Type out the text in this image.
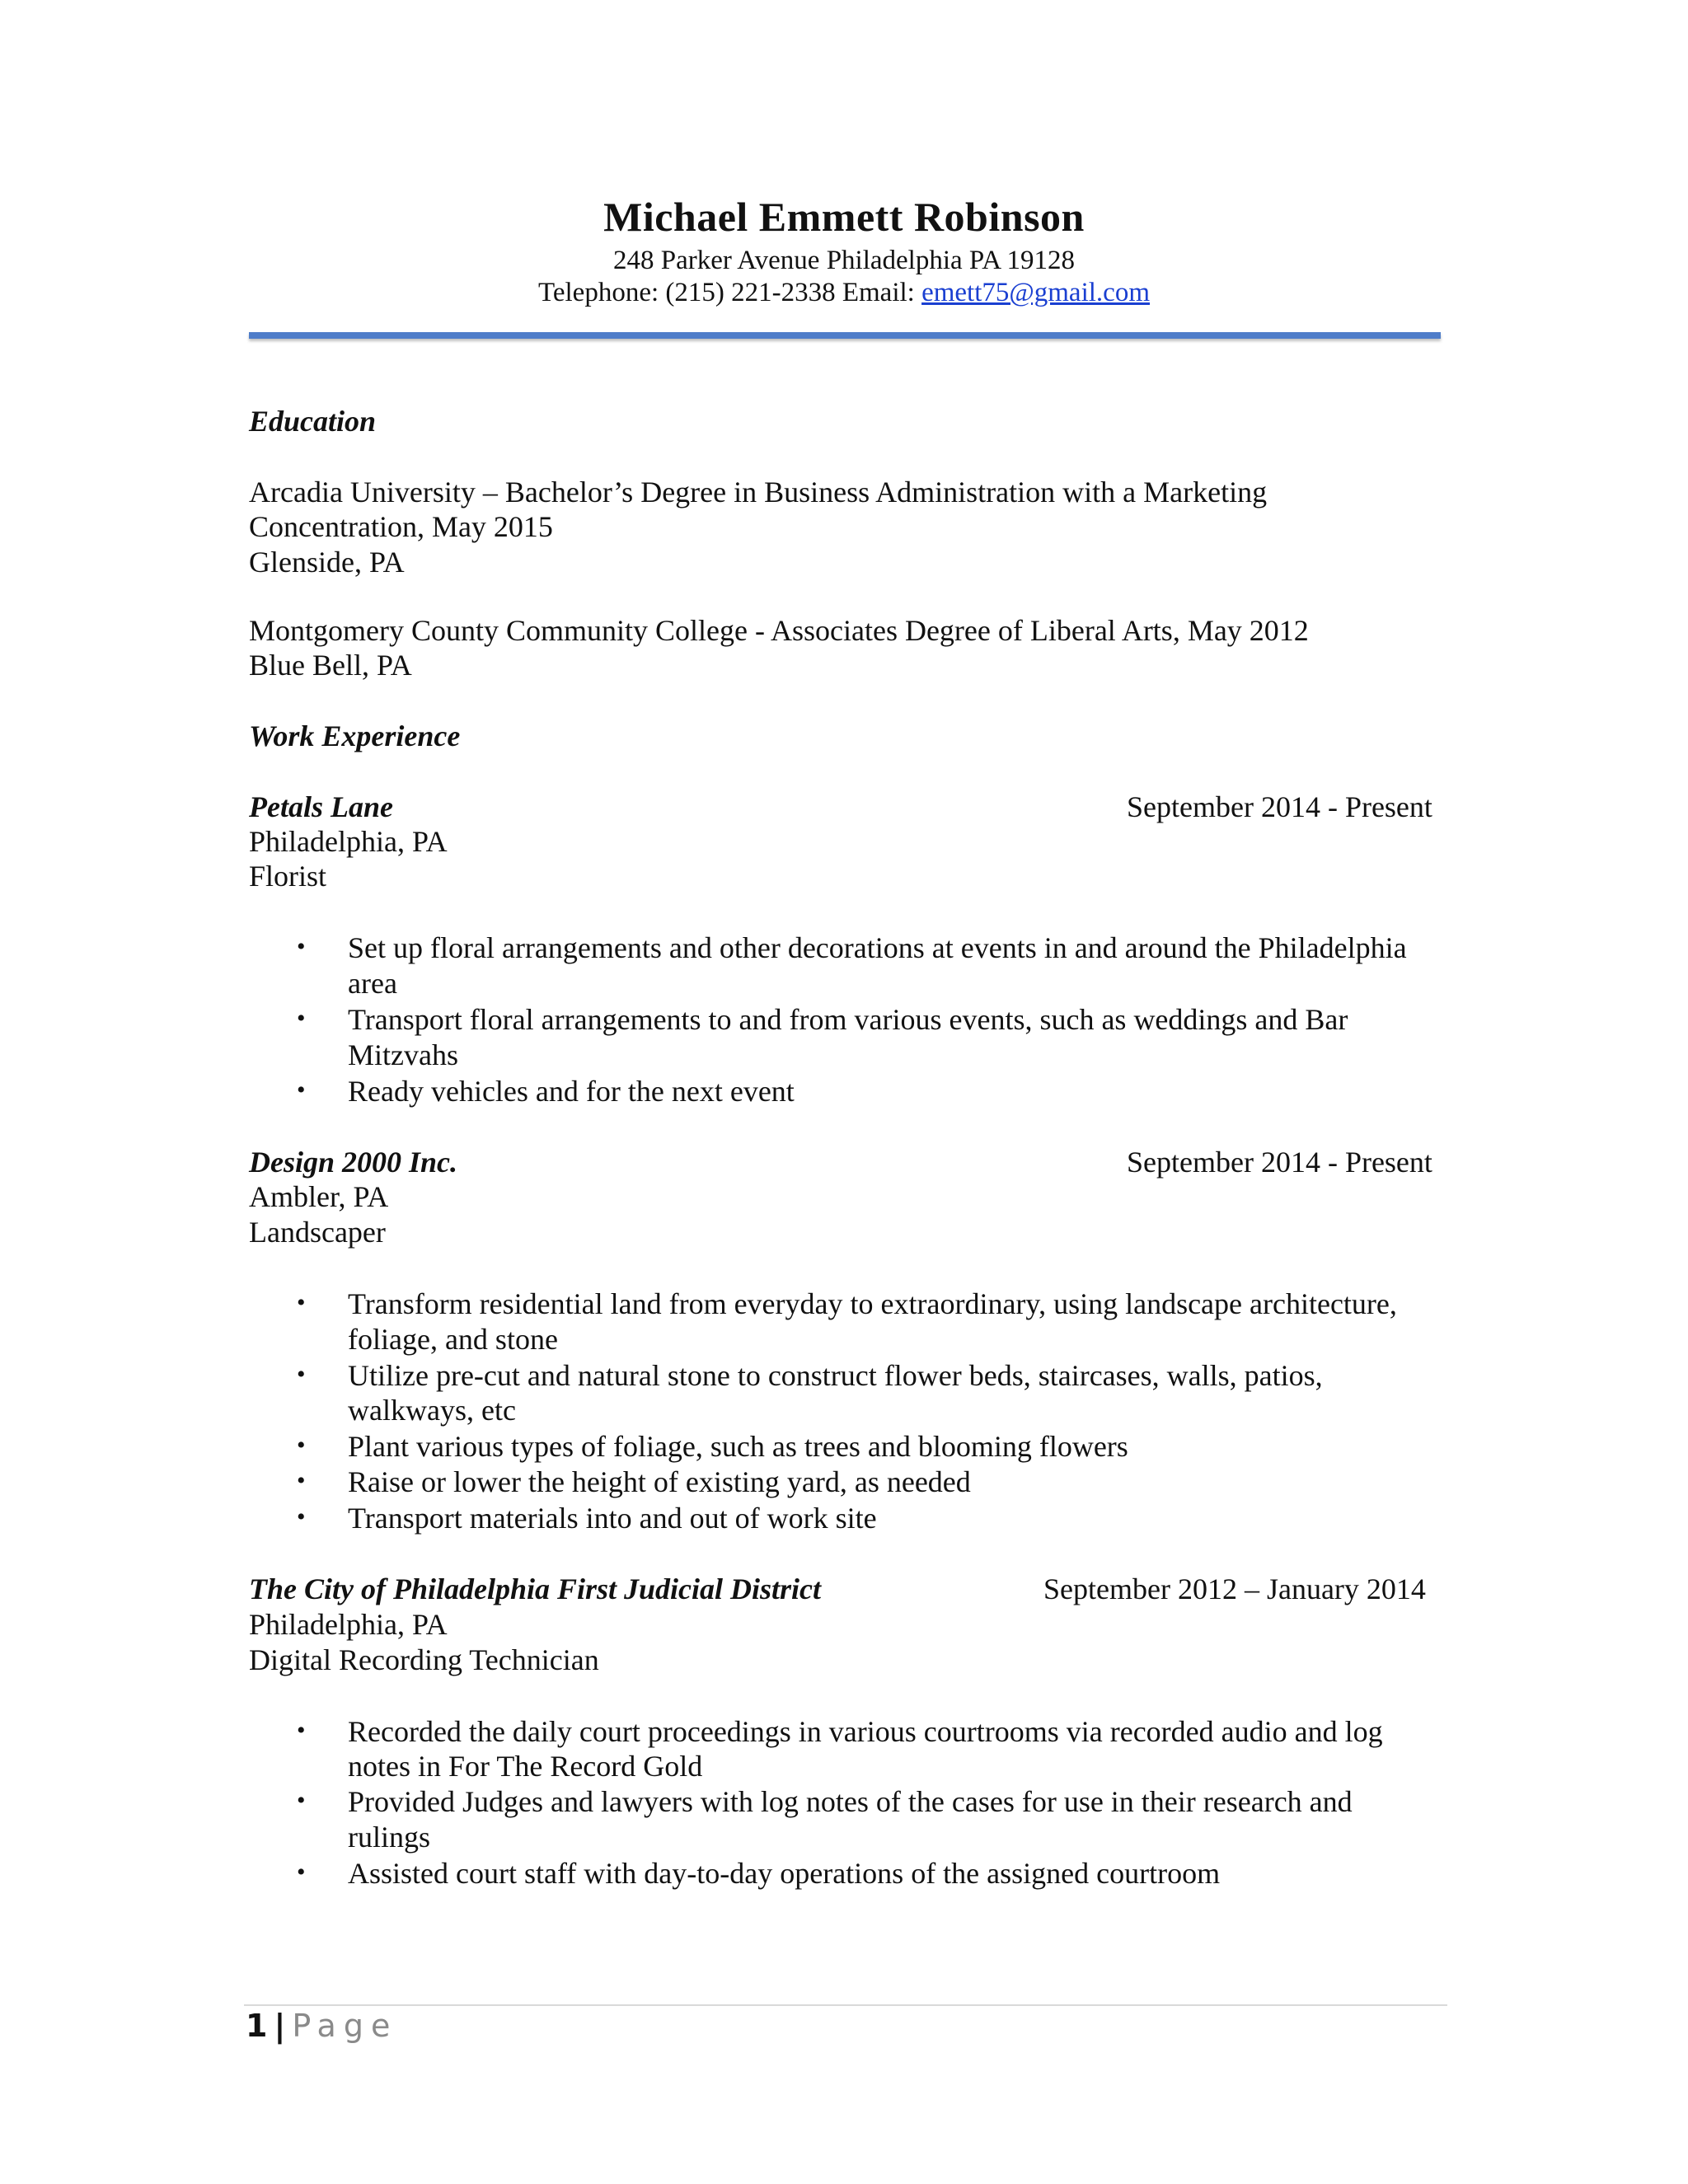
Michael Emmett Robinson
248 Parker Avenue Philadelphia PA 19128
Telephone: (215) 221-2338 Email: emett75@gmail.com
Education
Arcadia University – Bachelor’s Degree in Business Administration with a Marketing
Concentration, May 2015
Glenside, PA
Montgomery County Community College - Associates Degree of Liberal Arts, May 2012
Blue Bell, PA
Work Experience
Petals Lane	September 2014 - Present
Philadelphia, PA
Florist
• Set up floral arrangements and other decorations at events in and around the Philadelphia
area
• Transport floral arrangements to and from various events, such as weddings and Bar
Mitzvahs
• Ready vehicles and for the next event
Design 2000 Inc.	September 2014 - Present
Ambler, PA
Landscaper
• Transform residential land from everyday to extraordinary, using landscape architecture,
foliage, and stone
• Utilize pre-cut and natural stone to construct flower beds, staircases, walls, patios,
walkways, etc
• Plant various types of foliage, such as trees and blooming flowers
• Raise or lower the height of existing yard, as needed
• Transport materials into and out of work site
The City of Philadelphia First Judicial District	September 2012 – January 2014
Philadelphia, PA
Digital Recording Technician
• Recorded the daily court proceedings in various courtrooms via recorded audio and log
notes in For The Record Gold
• Provided Judges and lawyers with log notes of the cases for use in their research and
rulings
• Assisted court staff with day-to-day operations of the assigned courtroom
1 | Page
